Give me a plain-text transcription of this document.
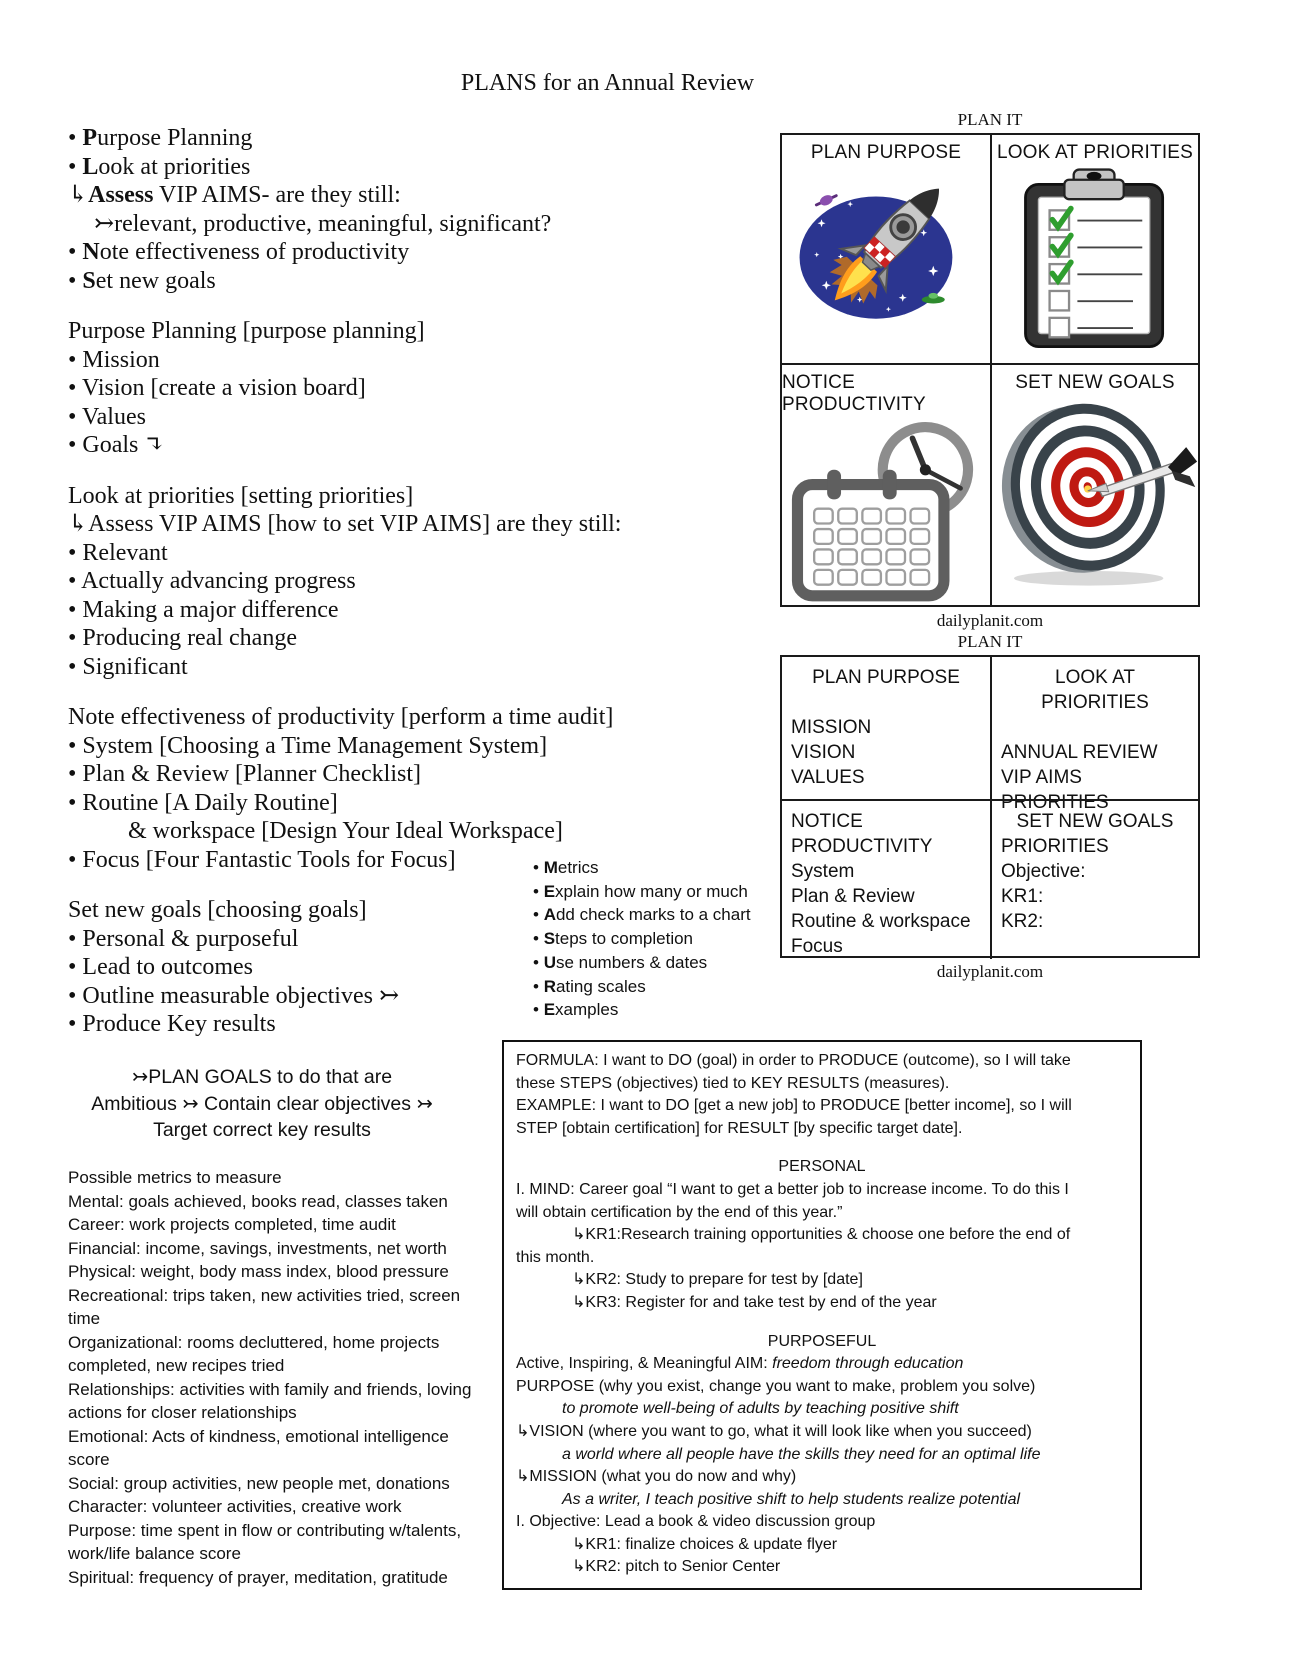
PLANS for an Annual Review
• Purpose Planning
• Look at priorities
↳Assess VIP AIMS- are they still:
↣relevant, productive, meaningful, significant?
• Note effectiveness of productivity
• Set new goals
Purpose Planning [purpose planning]
• Mission
• Vision [create a vision board]
• Values
• Goals ↴
Look at priorities [setting priorities]
↳Assess VIP AIMS [how to set VIP AIMS] are they still:
• Relevant
• Actually advancing progress
• Making a major difference
• Producing real change
• Significant
Note effectiveness of productivity [perform a time audit]
• System [Choosing a Time Management System]
• Plan & Review [Planner Checklist]
• Routine [A Daily Routine]
& workspace [Design Your Ideal Workspace]
• Focus [Four Fantastic Tools for Focus]
Set new goals [choosing goals]
• Personal & purposeful
• Lead to outcomes
• Outline measurable objectives ↣
• Produce Key results
• Metrics
• Explain how many or much
• Add check marks to a chart
• Steps to completion
• Use numbers & dates
• Rating scales
• Examples
↣PLAN GOALS to do that are
Ambitious ↣ Contain clear objectives ↣
Target correct key results
Possible metrics to measure
Mental: goals achieved, books read, classes taken
Career: work projects completed, time audit
Financial: income, savings, investments, net worth
Physical: weight, body mass index, blood pressure
Recreational: trips taken, new activities tried, screen time
Organizational: rooms decluttered, home projects completed, new recipes tried
Relationships: activities with family and friends, loving actions for closer relationships
Emotional: Acts of kindness, emotional intelligence score
Social: group activities, new people met, donations
Character: volunteer activities, creative work
Purpose: time spent in flow or contributing w/talents, work/life balance score
Spiritual: frequency of prayer, meditation, gratitude
PLAN IT
PLAN PURPOSE LOOK AT PRIORITIES
NOTICE PRODUCTIVITY
SET NEW GOALS
dailyplanit.com
PLAN IT
PLAN PURPOSE
MISSION
VISION
VALUES
LOOK AT PRIORITIES
ANNUAL REVIEW
VIP AIMS
PRIORITIES
NOTICE PRODUCTIVITY
System
Plan & Review
Routine & workspace
Focus
SET NEW GOALS
PRIORITIES
Objective:
KR1:
KR2:
dailyplanit.com
FORMULA: I want to DO (goal) in order to PRODUCE (outcome), so I will take
these STEPS (objectives) tied to KEY RESULTS (measures).
EXAMPLE: I want to DO [get a new job] to PRODUCE [better income], so I will
STEP [obtain certification] for RESULT [by specific target date].
PERSONAL
I. MIND: Career goal “I want to get a better job to increase income. To do this I
will obtain certification by the end of this year.”
↳KR1:Research training opportunities & choose one before the end of
this month.
↳KR2: Study to prepare for test by [date]
↳KR3: Register for and take test by end of the year
PURPOSEFUL
Active, Inspiring, & Meaningful AIM: freedom through education
PURPOSE (why you exist, change you want to make, problem you solve)
to promote well-being of adults by teaching positive shift
↳VISION (where you want to go, what it will look like when you succeed)
a world where all people have the skills they need for an optimal life
↳MISSION (what you do now and why)
As a writer, I teach positive shift to help students realize potential
I. Objective: Lead a book & video discussion group
↳KR1: finalize choices & update flyer
↳KR2: pitch to Senior Center
